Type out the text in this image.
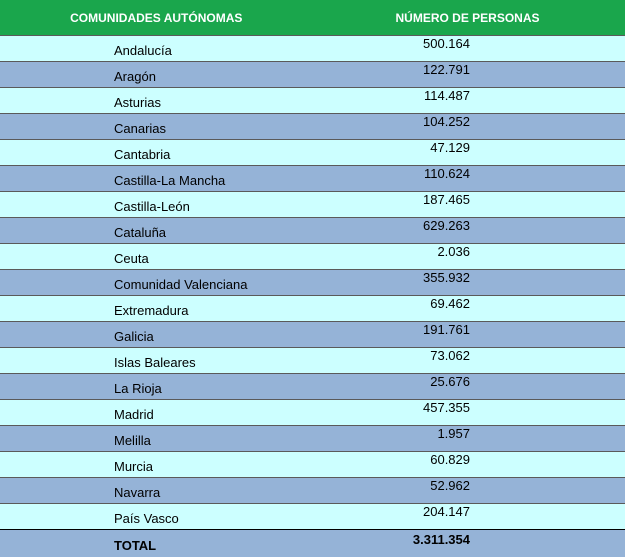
COMUNIDADES AUTÓNOMAS	NÚMERO DE PERSONAS
Andalucía	500.164
Aragón	122.791
Asturias	114.487
Canarias	104.252
Cantabria	47.129
Castilla-La Mancha	110.624
Castilla-León	187.465
Cataluña	629.263
Ceuta	2.036
Comunidad Valenciana	355.932
Extremadura	69.462
Galicia	191.761
Islas Baleares	73.062
La Rioja	25.676
Madrid	457.355
Melilla	1.957
Murcia	60.829
Navarra	52.962
País Vasco	204.147
TOTAL	3.311.354
